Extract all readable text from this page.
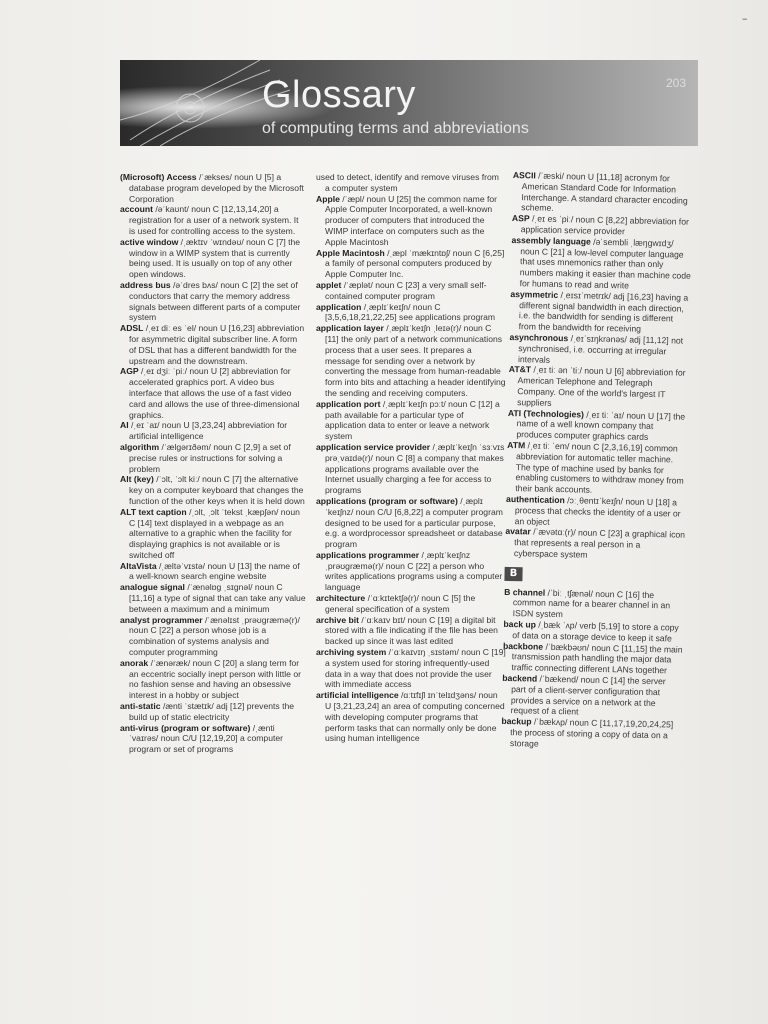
–
Glossary

of computing terms and abbreviations

203

(Microsoft) Access /ˈækses/ noun U [5] a database program developed by the Microsoft Corporation

account /əˈkaʊnt/ noun C [12,13,14,20] a registration for a user of a network system. It is used for controlling access to the system.

active window /ˌæktɪv ˈwɪndəʊ/ noun C [7] the window in a WIMP system that is currently being used. It is usually on top of any other open windows.

address bus /əˈdres bʌs/ noun C [2] the set of conductors that carry the memory address signals between different parts of a computer system

ADSL /ˌeɪ diː es ˈel/ noun U [16,23] abbreviation for asymmetric digital subscriber line. A form of DSL that has a different bandwidth for the upstream and the downstream.

AGP /ˌeɪ dʒiː ˈpiː/ noun U [2] abbreviation for accelerated graphics port. A video bus interface that allows the use of a fast video card and allows the use of three-dimensional graphics.

AI /ˌeɪ ˈaɪ/ noun U [3,23,24] abbreviation for artificial intelligence

algorithm /ˈælgərɪðəm/ noun C [2,9] a set of precise rules or instructions for solving a problem

Alt (key) /ˈɔlt, ˈɔlt kiː/ noun C [7] the alternative key on a computer keyboard that changes the function of the other keys when it is held down

ALT text caption /ˌɔlt, ˌɔlt ˈtekst ˌkæpʃən/ noun C [14] text displayed in a webpage as an alternative to a graphic when the facility for displaying graphics is not available or is switched off

AltaVista /ˌæltəˈvɪstə/ noun U [13] the name of a well-known search engine website

analogue signal /ˈænəlɒg ˌsɪgnəl/ noun C [11,16] a type of signal that can take any value between a maximum and a minimum

analyst programmer /ˈænəlɪst ˌprəʊgræmə(r)/ noun C [22] a person whose job is a combination of systems analysis and computer programming

anorak /ˈænəræk/ noun C [20] a slang term for an eccentric socially inept person with little or no fashion sense and having an obsessive interest in a hobby or subject

anti-static /ænti ˈstætɪk/ adj [12] prevents the build up of static electricity

anti-virus (program or software) /ˌænti ˈvaɪrəs/ noun C/U [12,19,20] a computer program or set of programs

used to detect, identify and remove viruses from a computer system

Apple /ˈæpl/ noun U [25] the common name for Apple Computer Incorporated, a well-known producer of computers that introduced the WIMP interface on computers such as the Apple Macintosh

Apple Macintosh /ˌæpl ˈmækɪntɒʃ/ noun C [6,25] a family of personal computers produced by Apple Computer Inc.

applet /ˈæplət/ noun C [23] a very small self-contained computer program

application /ˌæplɪˈkeɪʃn/ noun C [3,5,6,18,21,22,25] see applications program

application layer /ˌæplɪˈkeɪʃn ˌleɪə(r)/ noun C [11] the only part of a network communications process that a user sees. It prepares a message for sending over a network by converting the message from human-readable form into bits and attaching a header identifying the sending and receiving computers.

application port /ˌæplɪˈkeɪʃn pɔːt/ noun C [12] a path available for a particular type of application data to enter or leave a network system

application service provider /ˌæplɪˈkeɪʃn ˈsɜːvɪs prəˌvaɪdə(r)/ noun C [8] a company that makes applications programs available over the Internet usually charging a fee for access to programs

applications (program or software) /ˌæplɪˈkeɪʃnz/ noun C/U [6,8,22] a computer program designed to be used for a particular purpose, e.g. a wordprocessor spreadsheet or database program

applications programmer /ˌæplɪˈkeɪʃnz ˌprəʊgræmə(r)/ noun C [22] a person who writes applications programs using a computer language

architecture /ˈɑːkɪtektʃə(r)/ noun C [5] the general specification of a system

archive bit /ˈɑːkaɪv bɪt/ noun C [19] a digital bit stored with a file indicating if the file has been backed up since it was last edited

archiving system /ˈɑːkaɪvɪŋ ˌsɪstəm/ noun C [19] a system used for storing infrequently-used data in a way that does not provide the user with immediate access

artificial intelligence /ɑːtɪfɪʃl ɪnˈtelɪdʒəns/ noun U [3,21,23,24] an area of computing concerned with developing computer programs that perform tasks that can normally only be done using human intelligence

ASCII /ˈæski/ noun U [11,18] acronym for American Standard Code for Information Interchange. A standard character encoding scheme.

ASP /ˌeɪ es ˈpiː/ noun C [8,22] abbreviation for application service provider

assembly language /əˈsembli ˌlæŋgwɪdʒ/ noun C [21] a low-level computer language that uses mnemonics rather than only numbers making it easier than machine code for humans to read and write

asymmetric /ˌeɪsɪˈmetrɪk/ adj [16,23] having a different signal bandwidth in each direction, i.e. the bandwidth for sending is different from the bandwidth for receiving

asynchronous /ˌeɪˈsɪŋkrənəs/ adj [11,12] not synchronised, i.e. occurring at irregular intervals

AT&T /ˌeɪ tiː ən ˈtiː/ noun U [6] abbreviation for American Telephone and Telegraph Company. One of the world's largest IT suppliers

ATI (Technologies) /ˌeɪ tiː ˈaɪ/ noun U [17] the name of a well known company that produces computer graphics cards

ATM /ˌeɪ tiː ˈem/ noun C [2,3,16,19] common abbreviation for automatic teller machine. The type of machine used by banks for enabling customers to withdraw money from their bank accounts.

authentication /ɔːˌθentɪˈkeɪʃn/ noun U [18] a process that checks the identity of a user or an object

avatar /ˈævətɑː(r)/ noun C [23] a graphical icon that represents a real person in a cyberspace system

B

B channel /ˈbiː ˌtʃænəl/ noun C [16] the common name for a bearer channel in an ISDN system

back up /ˌbæk ˈʌp/ verb [5,19] to store a copy of data on a storage device to keep it safe

backbone /ˈbækbəʊn/ noun C [11,15] the main transmission path handling the major data traffic connecting different LANs together

backend /ˈbækend/ noun C [14] the server part of a client-server configuration that provides a service on a network at the request of a client

backup /ˈbækʌp/ noun C [11,17,19,20,24,25] the process of storing a copy of data on a storage
